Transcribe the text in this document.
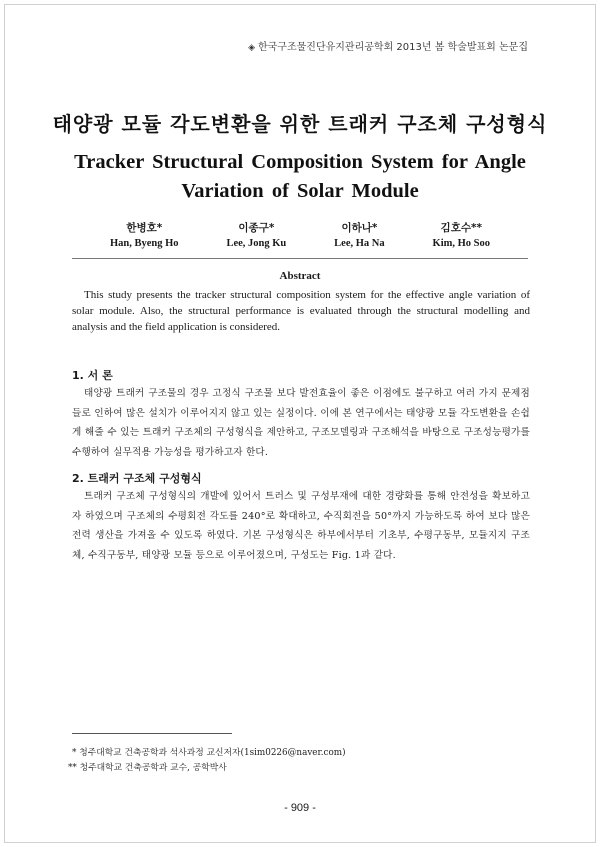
◈ 한국구조물진단유지관리공학회 2013년 봄 학술발표회 논문집
태양광 모듈 각도변환을 위한 트래커 구조체 구성형식
Tracker Structural Composition System for Angle Variation of Solar Module
한병호*
Han, Byeng Ho
이종구*
Lee, Jong Ku
이하나*
Lee, Ha Na
김호수**
Kim, Ho Soo
Abstract
This study presents the tracker structural composition system for the effective angle variation of solar module. Also, the structural performance is evaluated through the structural modelling and analysis and the field application is considered.
1. 서 론
태양광 트래커 구조물의 경우 고정식 구조물 보다 발전효율이 좋은 이점에도 불구하고 여러 가지 문제점들로 인하여 많은 설치가 이루어지지 않고 있는 실정이다. 이에 본 연구에서는 태양광 모듈 각도변환을 손쉽게 해줄 수 있는 트래커 구조체의 구성형식을 제안하고, 구조모델링과 구조해석을 바탕으로 구조성능평가를 수행하여 실무적용 가능성을 평가하고자 한다.
2. 트래커 구조체 구성형식
트래커 구조체 구성형식의 개발에 있어서 트러스 및 구성부재에 대한 경량화를 통해 안전성을 확보하고자 하였으며 구조체의 수평회전 각도를 240°로 확대하고, 수직회전을 50°까지 가능하도록 하여 보다 많은 전력 생산을 가져올 수 있도록 하였다. 기본 구성형식은 하부에서부터 기초부, 수평구동부, 모듈지지 구조체, 수직구동부, 태양광 모듈 등으로 이루어졌으며, 구성도는 Fig. 1과 같다.
* 청주대학교 건축공학과 석사과정 교신저자(1sim0226@naver.com)
** 청주대학교 건축공학과 교수, 공학박사
- 909 -
